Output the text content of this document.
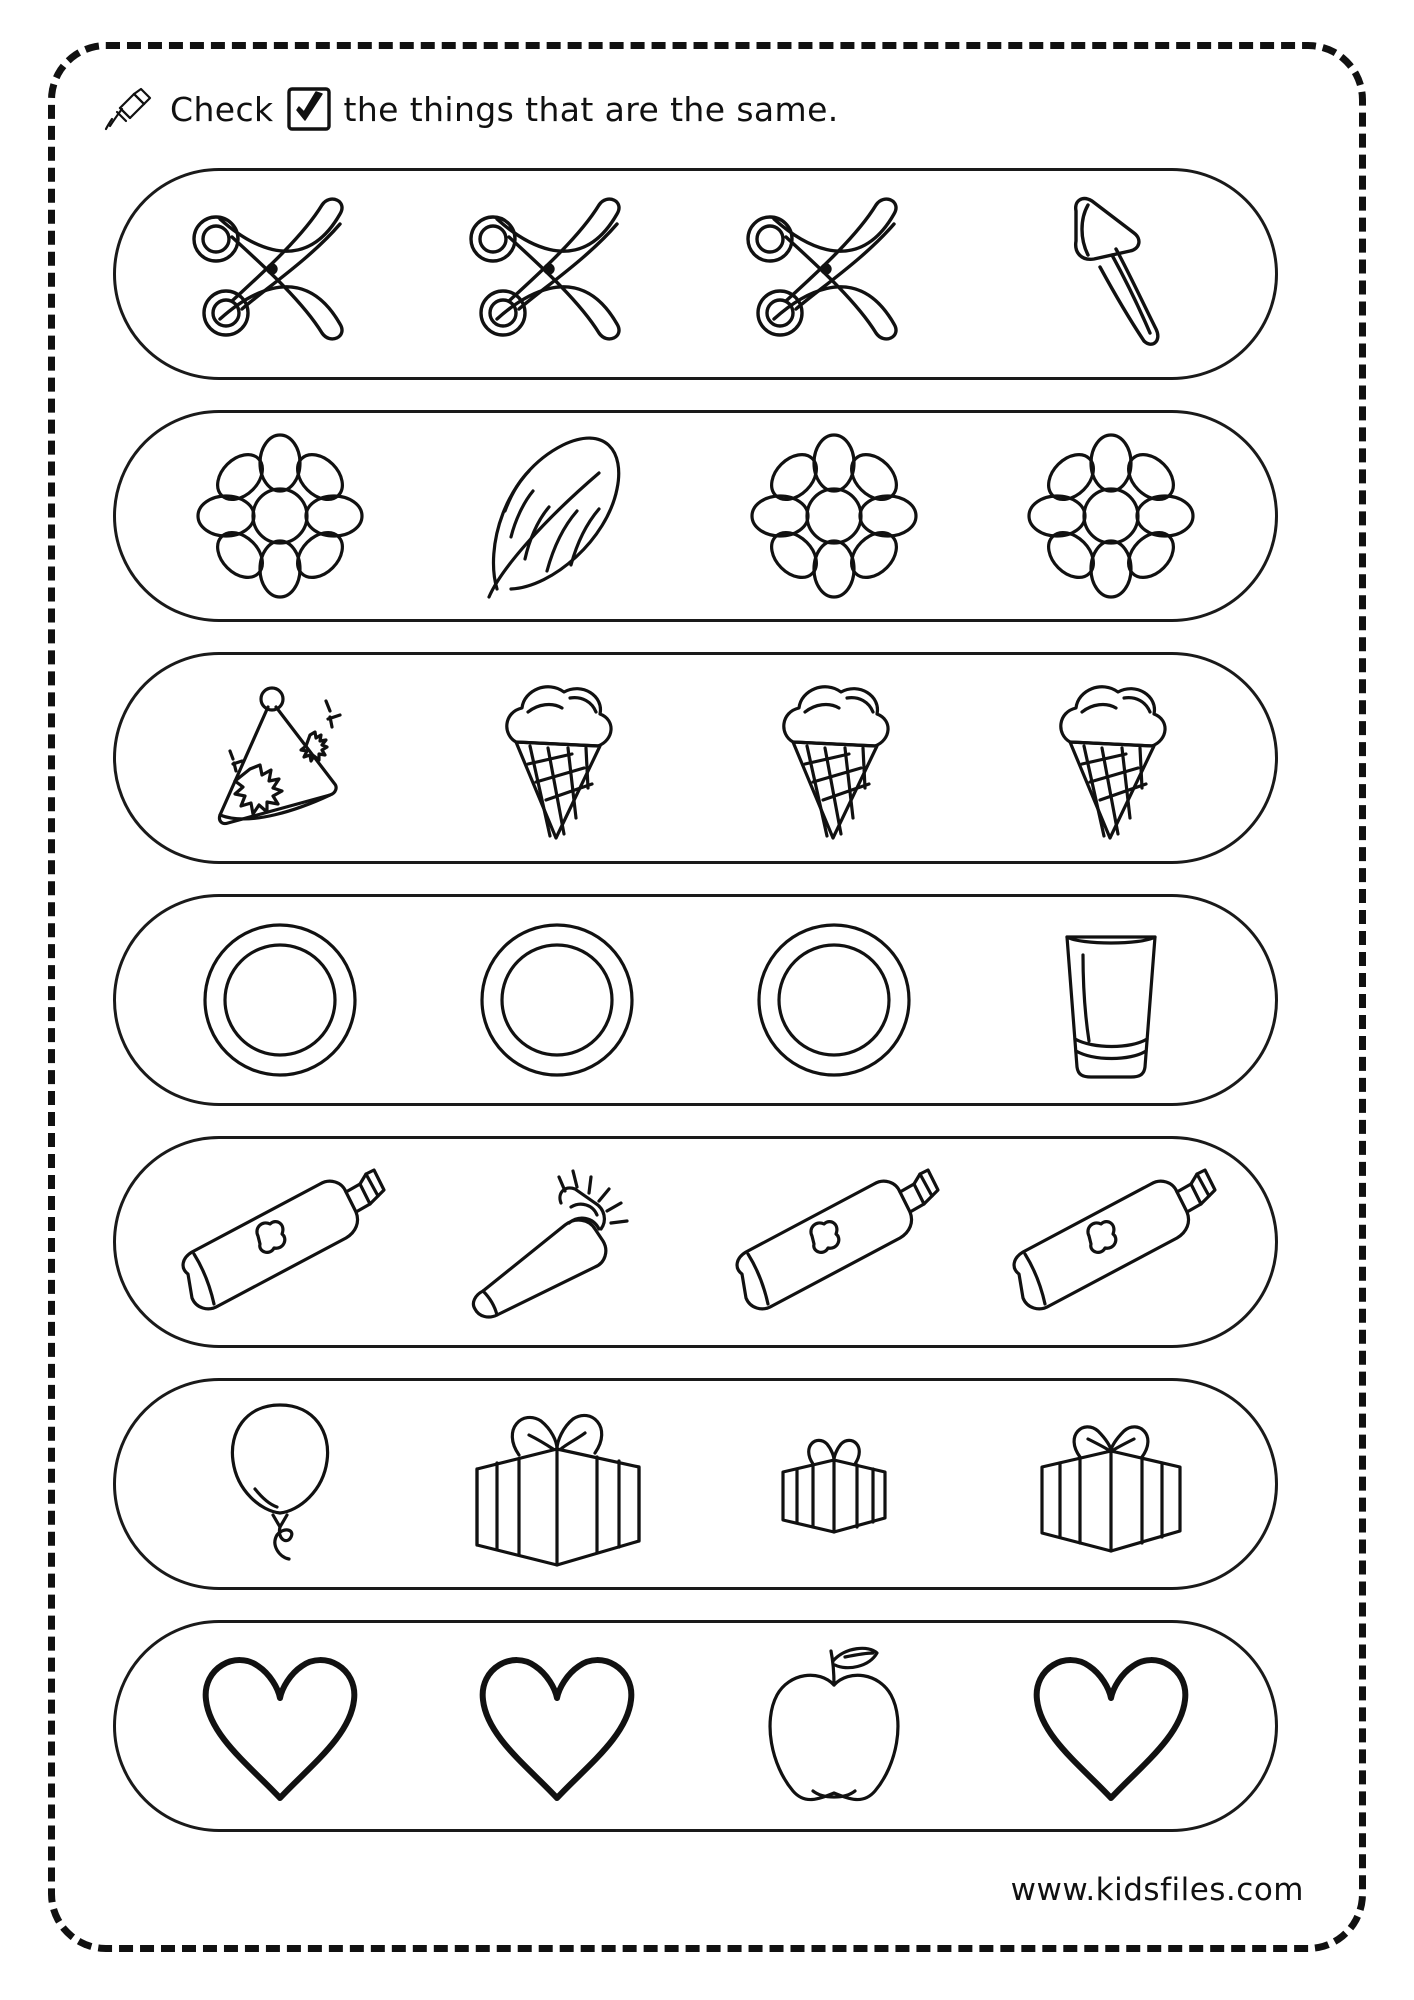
Check the things that are the same.
www.kidsfiles.com
